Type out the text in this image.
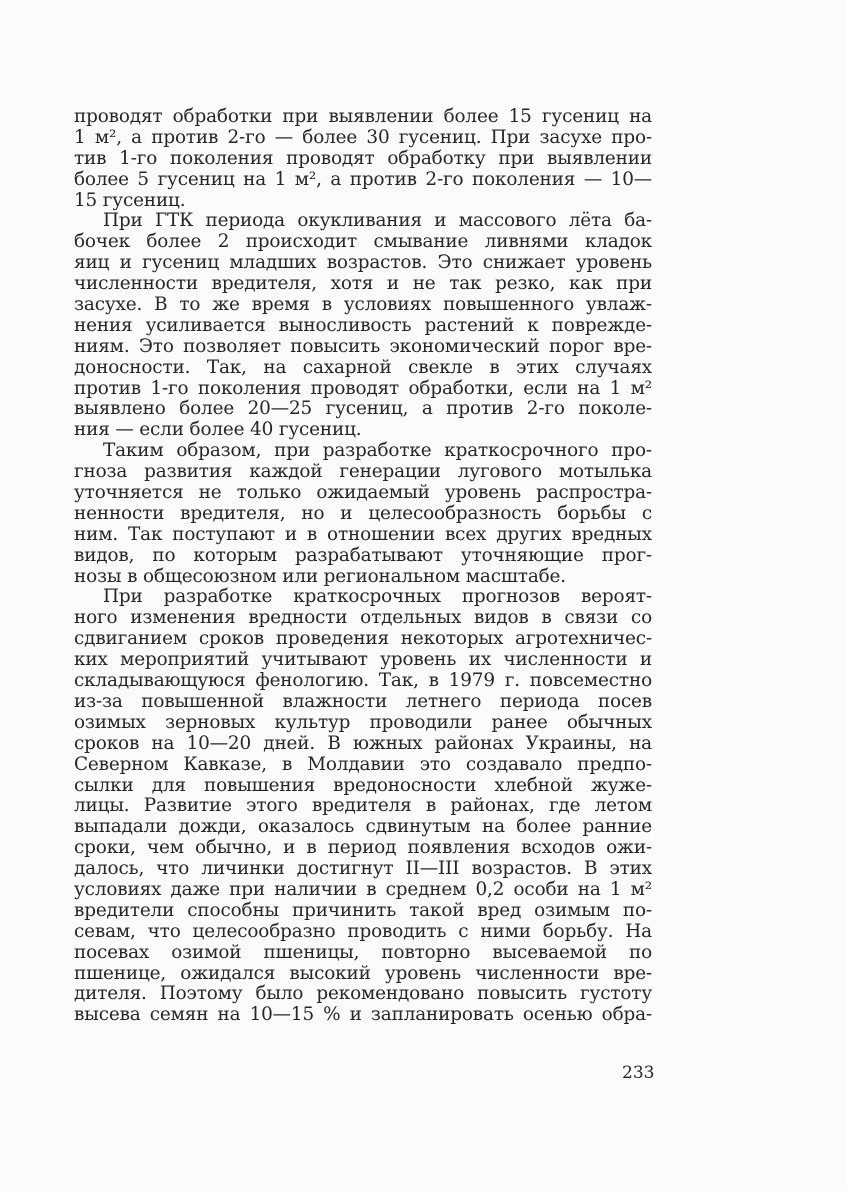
проводят обработки при выявлении более 15 гусениц на
1 м², а против 2-го — более 30 гусениц. При засухе про-
тив 1-го поколения проводят обработку при выявлении
более 5 гусениц на 1 м², а против 2-го поколения — 10—
15 гусениц.
При ГТК периода окукливания и массового лёта ба-
бочек более 2 происходит смывание ливнями кладок
яиц и гусениц младших возрастов. Это снижает уровень
численности вредителя, хотя и не так резко, как при
засухе. В то же время в условиях повышенного увлаж-
нения усиливается выносливость растений к поврежде-
ниям. Это позволяет повысить экономический порог вре-
доносности. Так, на сахарной свекле в этих случаях
против 1-го поколения проводят обработки, если на 1 м²
выявлено более 20—25 гусениц, а против 2-го поколе-
ния — если более 40 гусениц.
Таким образом, при разработке краткосрочного про-
гноза развития каждой генерации лугового мотылька
уточняется не только ожидаемый уровень распростра-
ненности вредителя, но и целесообразность борьбы с
ним. Так поступают и в отношении всех других вредных
видов, по которым разрабатывают уточняющие прог-
нозы в общесоюзном или региональном масштабе.
При разработке краткосрочных прогнозов вероят-
ного изменения вредности отдельных видов в связи со
сдвиганием сроков проведения некоторых агротехничес-
ких мероприятий учитывают уровень их численности и
складывающуюся фенологию. Так, в 1979 г. повсеместно
из-за повышенной влажности летнего периода посев
озимых зерновых культур проводили ранее обычных
сроков на 10—20 дней. В южных районах Украины, на
Северном Кавказе, в Молдавии это создавало предпо-
сылки для повышения вредоносности хлебной жуже-
лицы. Развитие этого вредителя в районах, где летом
выпадали дожди, оказалось сдвинутым на более ранние
сроки, чем обычно, и в период появления всходов ожи-
далось, что личинки достигнут II—III возрастов. В этих
условиях даже при наличии в среднем 0,2 особи на 1 м²
вредители способны причинить такой вред озимым по-
севам, что целесообразно проводить с ними борьбу. На
посевах озимой пшеницы, повторно высеваемой по
пшенице, ожидался высокий уровень численности вре-
дителя. Поэтому было рекомендовано повысить густоту
высева семян на 10—15 % и запланировать осенью обра-
233
